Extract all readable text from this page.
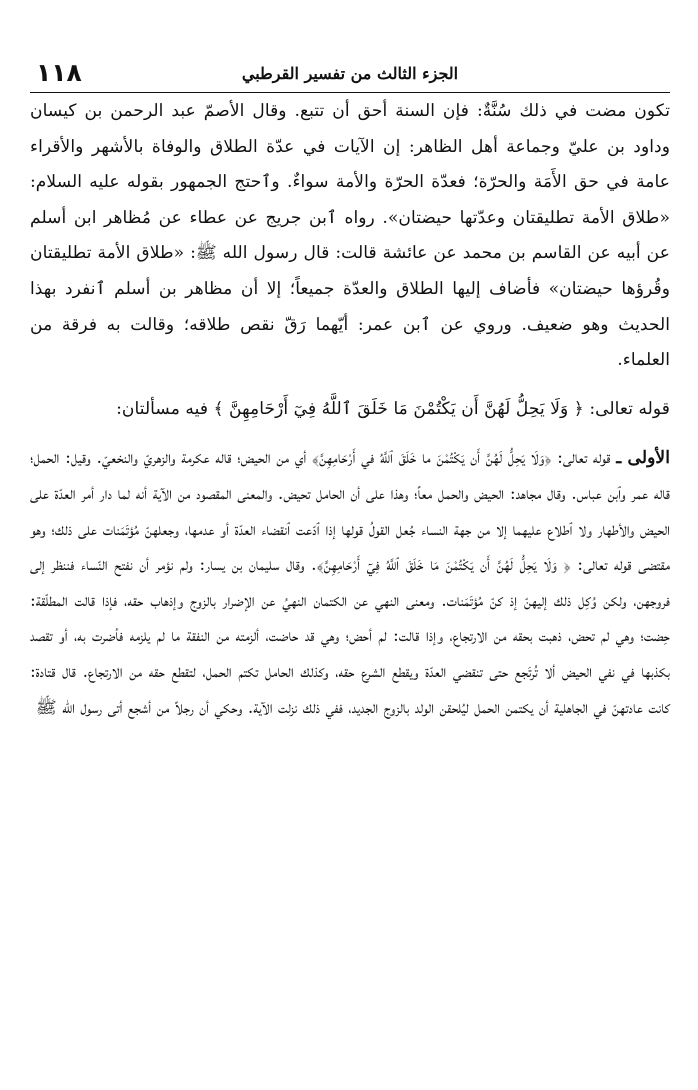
١١٨	الجزء الثالث من تفسير القرطبي

تكون مضت في ذلك سُنَّةٌ: فإن السنة أحق أن تتبع. وقال الأصمّ عبد الرحمن بن كيسان وداود بن عليّ وجماعة أهل الظاهر: إن الآيات في عدّة الطلاق والوفاة بالأشهر والأقراء عامة في حق الأَمَة والحرّة؛ فعدّة الحرّة والأمة سواءٌ. وٱحتج الجمهور بقوله عليه السلام: «طلاق الأمة تطليقتان وعدّتها حيضتان». رواه ٱبن جريج عن عطاء عن مُظاهر ابن أسلم عن أبيه عن القاسم بن محمد عن عائشة قالت: قال رسول الله ﷺ: «طلاق الأمة تطليقتان وقُرؤها حيضتان» فأضاف إليها الطلاق والعدّة جميعاً؛ إلا أن مظاهر بن أسلم ٱنفرد بهذا الحديث وهو ضعيف. وروي عن ٱبن عمر: أيّهما رَقّ نقص طلاقه؛ وقالت به فرقة من العلماء.

قوله تعالى: ﴿ وَلَا يَحِلُّ لَهُنَّ أَن يَكْتُمْنَ مَا خَلَقَ ٱللَّهُ فِيٓ أَرْحَامِهِنَّ ﴾ فيه مسألتان:

الأولى ـ قوله تعالى: ﴿وَلَا يَحِلُّ لَهُنَّ أَن يَكْتُمْنَ ما خَلَقَ ٱللَّهُ في أَرْحَامِهِنَّ﴾ أي من الحيض؛ قاله عكرمة والزهريّ والنخعيّ. وقيل: الحمل؛ قاله عمر وٱبن عباس. وقال مجاهد: الحيض والحمل معاً؛ وهذا على أن الحامل تحيض. والمعنى المقصود من الآية أنه لما دار أمر العدّة على الحيض والأطهار ولا ٱطلاع عليهما إلا من جهة النساء جُعل القولُ قولها إذا ٱدّعت ٱنقضاء العدّة أو عدمها، وجعلهنّ مُؤتَمَنات على ذلك؛ وهو مقتضى قوله تعالى: ﴿ وَلَا يَحِلُّ لَهُنَّ أَن يَكْتُمْنَ مَا خَلَقَ ٱللَّهُ فِيٓ أَرْحَامِهِنَّ﴾. وقال سليمان بن يسار: ولم نؤمر أن نفتح النّساء فننظر إلى فروجهن، ولكن وُكِل ذلك إليهنّ إذ كنّ مُؤتَمَنات. ومعنى النهي عن الكتمان النهيُ عن الإضرار بالزوج وإذهاب حقه، فإذا قالت المطلّقة: حِضت؛ وهي لم تحض، ذهبت بحقه من الارتجاع، وإذا قالت: لم أحض؛ وهي قد حاضت، ألزمته من النفقة ما لم يلزمه فأضرت به، أو تقصد بكذبها في نفي الحيض ألا تُرتَجع حتى تنقضي العدّة ويقطع الشرع حقه، وكذلك الحامل تكتم الحمل، لتقطع حقه من الارتجاع. قال قتادة: كانت عادتهنّ في الجاهلية أن يكتمن الحمل ليُلحقن الولد بالزوج الجديد، ففي ذلك نزلت الآية. وحكي أن رجلاً من أشجع أتى رسول الله ﷺ
